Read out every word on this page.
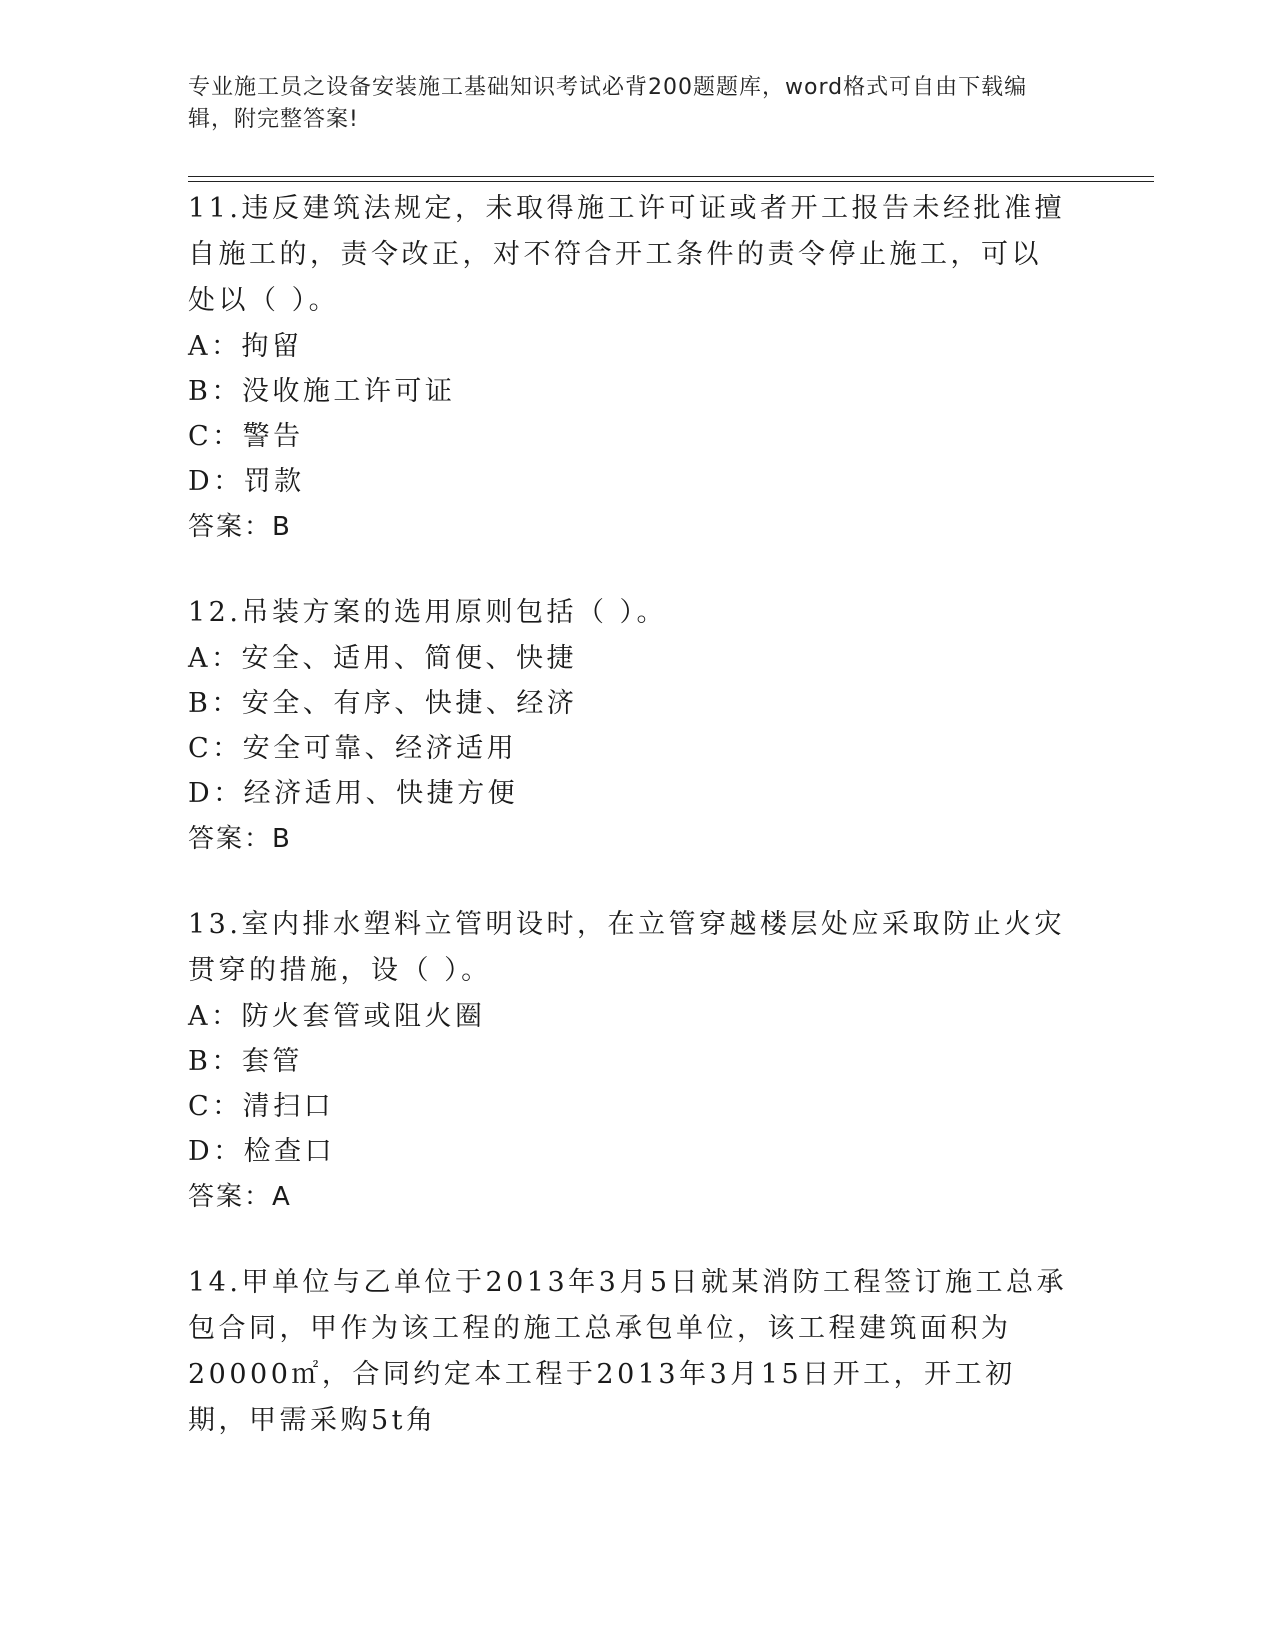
专业施工员之设备安装施工基础知识考试必背200题题库，word格式可自由下载编辑，附完整答案!

11.违反建筑法规定，未取得施工许可证或者开工报告未经批准擅自施工的，责令改正，对不符合开工条件的责令停止施工，可以处以（ ）。

A：拘留

B：没收施工许可证

C：警告

D：罚款

答案：B

12.吊装方案的选用原则包括（ ）。

A：安全、适用、简便、快捷

B：安全、有序、快捷、经济

C：安全可靠、经济适用

D：经济适用、快捷方便

答案：B

13.室内排水塑料立管明设时，在立管穿越楼层处应采取防止火灾贯穿的措施，设（ ）。

A：防火套管或阻火圈

B：套管

C：清扫口

D：检查口

答案：A

14.甲单位与乙单位于2013年3月5日就某消防工程签订施工总承包合同，甲作为该工程的施工总承包单位，该工程建筑面积为20000㎡，合同约定本工程于2013年3月15日开工，开工初期，甲需采购5t角
